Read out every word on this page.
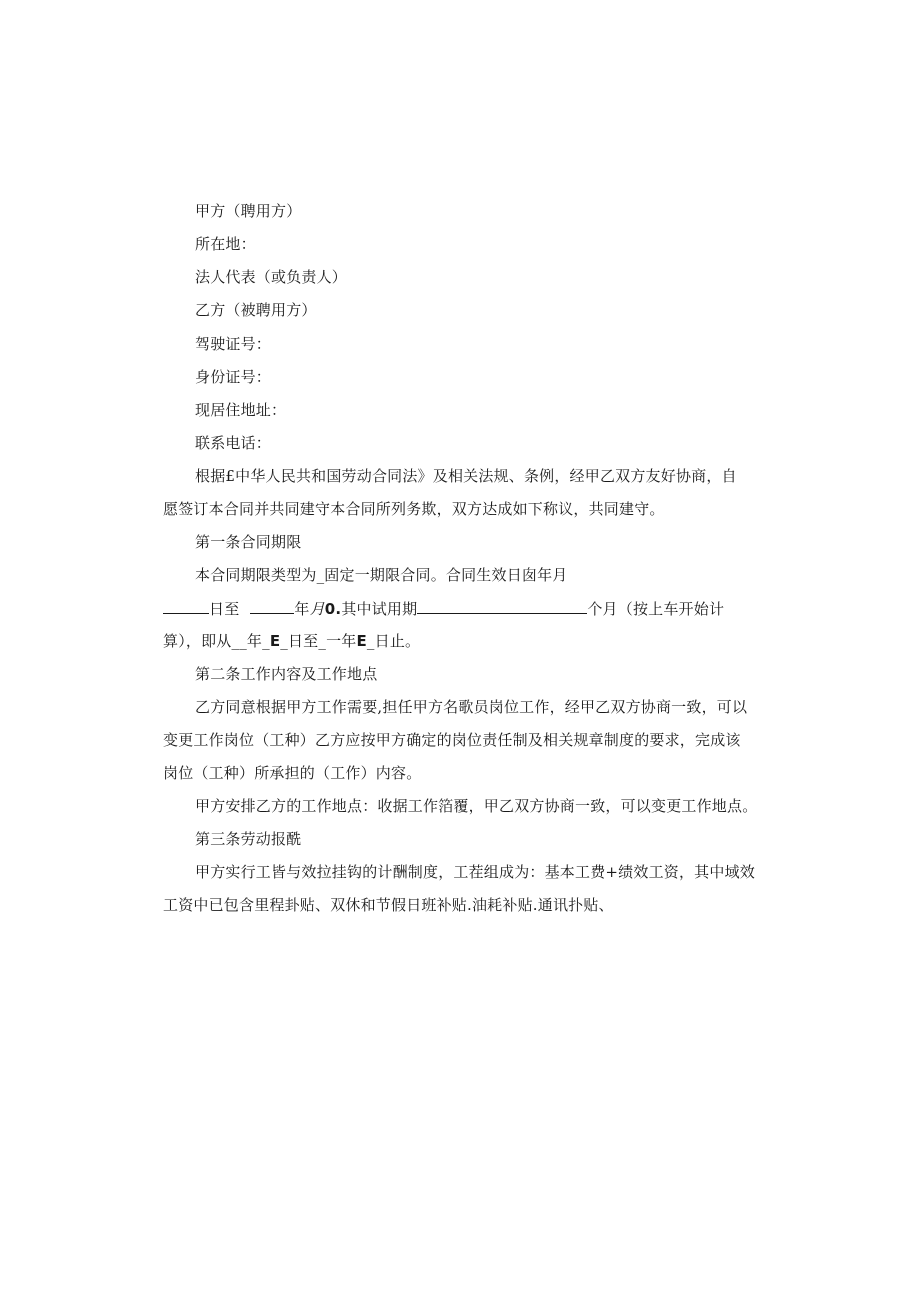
甲方（聘用方）
所在地：
法人代表（或负责人）
乙方（被聘用方）
驾驶证号：
身份证号：
现居住地址：
联系电话：
根据£中华人民共和国劳动合同法》及相关法规、条例，经甲乙双方友好协商，自
愿签订本合同并共同建守本合同所列务欺，双方达成如下称议，共同建守。
第一条合同期限
本合同期限类型为_固定一期限合同。合同生效日囱年月
日至	年月0.其中试用期	个月（按上车开始计
算），即从__年_E_日至_一年E_日止。
第二条工作内容及工作地点
乙方同意根据甲方工作需要,担任甲方名歌员岗位工作，经甲乙双方协商一致，可以
变更工作岗位（工种）乙方应按甲方确定的岗位责任制及相关规章制度的要求，完成该
岗位（工种）所承担的（工作）内容。
甲方安排乙方的工作地点：收据工作箔覆，甲乙双方协商一致，可以变更工作地点。
第三条劳动报酰
甲方实行工皆与效拉挂钩的计酬制度，工茬组成为：基本工费+绩效工资，其中域效
工资中已包含里程卦贴、双休和节假日班补贴.油耗补贴.通讯扑贴、
